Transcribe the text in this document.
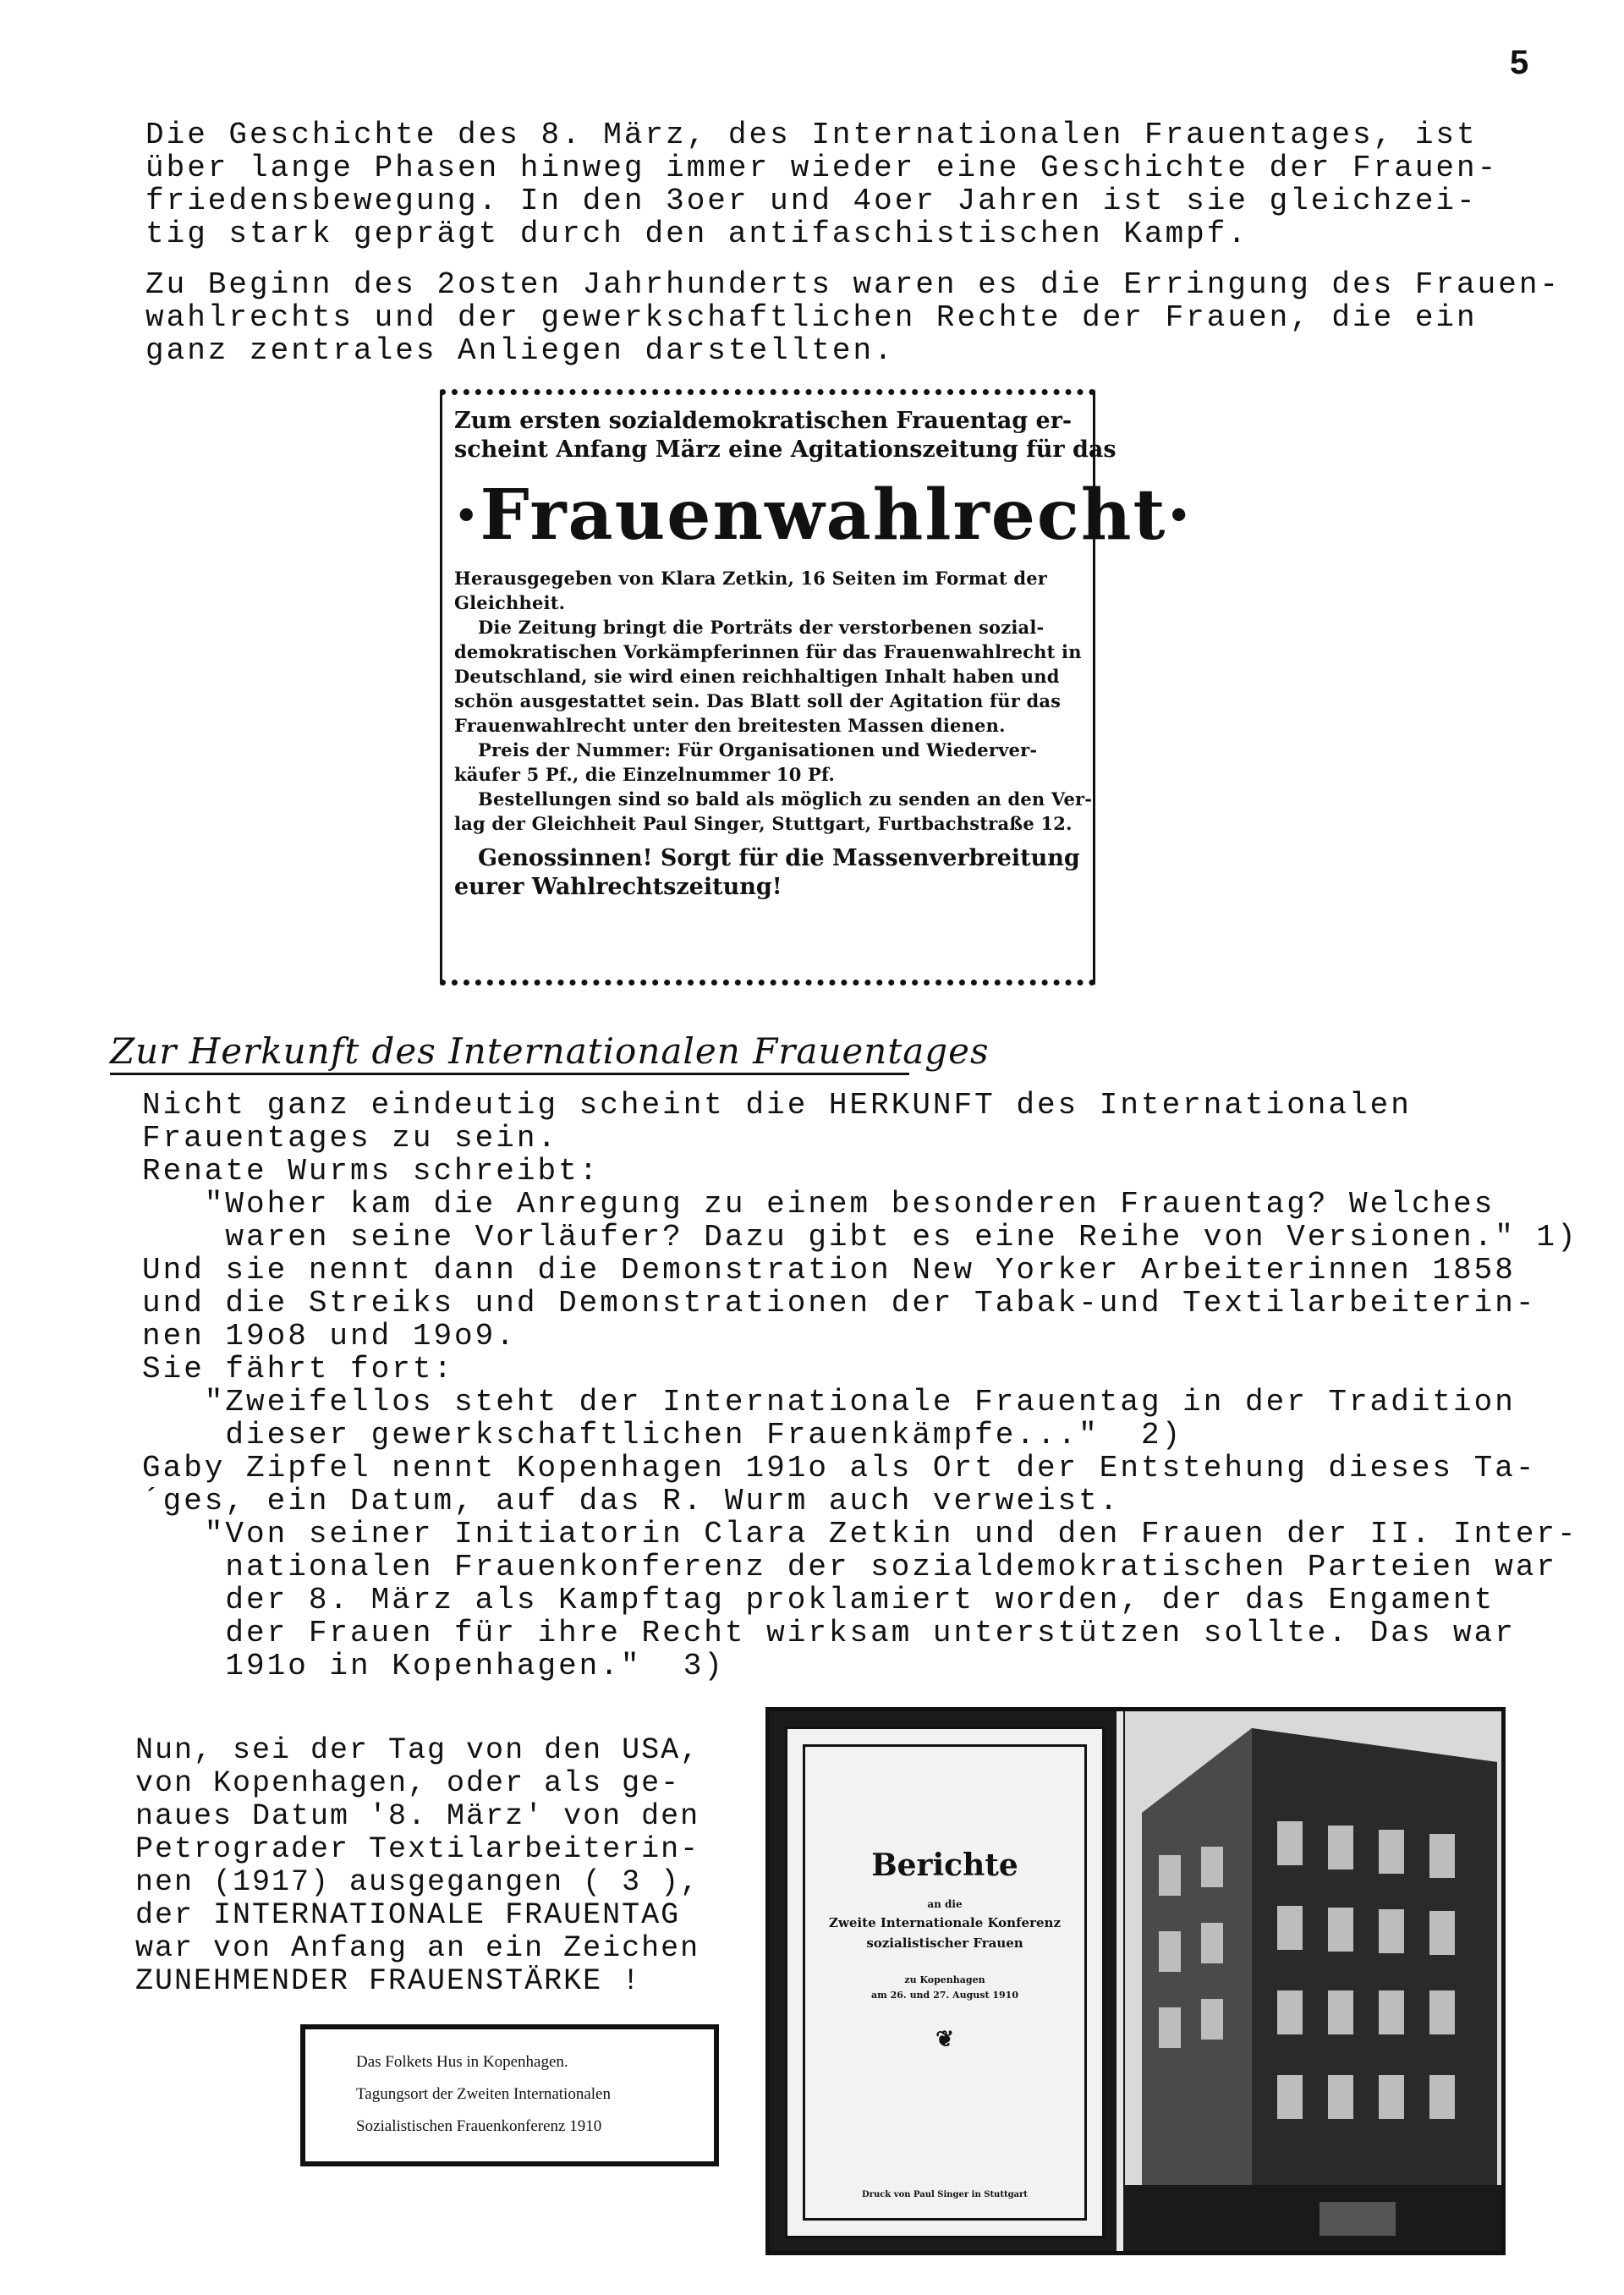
5

Die Geschichte des 8. März, des Internationalen Frauentages, ist

über lange Phasen hinweg immer wieder eine Geschichte der Frauen-

friedensbewegung. In den 3oer und 4oer Jahren ist sie gleichzei-

tig stark geprägt durch den antifaschistischen Kampf.

Zu Beginn des 2osten Jahrhunderts waren es die Erringung des Frauen-

wahlrechts und der gewerkschaftlichen Rechte der Frauen, die ein

ganz zentrales Anliegen darstellten.

Zum ersten sozialdemokratischen Frauentag er-
scheint Anfang März eine Agitationszeitung für das
·Frauenwahlrecht·
Herausgegeben von Klara Zetkin, 16 Seiten im Format der
Gleichheit.
Die Zeitung bringt die Porträts der verstorbenen sozial-
demokratischen Vorkämpferinnen für das Frauenwahlrecht in
Deutschland, sie wird einen reichhaltigen Inhalt haben und
schön ausgestattet sein. Das Blatt soll der Agitation für das
Frauenwahlrecht unter den breitesten Massen dienen.
Preis der Nummer: Für Organisationen und Wiederver-
käufer 5 Pf., die Einzelnummer 10 Pf.
Bestellungen sind so bald als möglich zu senden an den Ver-
lag der Gleichheit Paul Singer, Stuttgart, Furtbachstraße 12.
Genossinnen! Sorgt für die Massenverbreitung
eurer Wahlrechtszeitung!
Zur Herkunft des Internationalen Frauentages

Nicht ganz eindeutig scheint die HERKUNFT des Internationalen

Frauentages zu sein.

Renate Wurms schreibt:

"Woher kam die Anregung zu einem besonderen Frauentag? Welches

waren seine Vorläufer? Dazu gibt es eine Reihe von Versionen." 1)

Und sie nennt dann die Demonstration New Yorker Arbeiterinnen 1858

und die Streiks und Demonstrationen der Tabak-und Textilarbeiterin-

nen 19o8 und 19o9.

Sie fährt fort:

"Zweifellos steht der Internationale Frauentag in der Tradition

dieser gewerkschaftlichen Frauenkämpfe..."  2)

Gaby Zipfel nennt Kopenhagen 191o als Ort der Entstehung dieses Ta-

´ges, ein Datum, auf das R. Wurm auch verweist.

"Von seiner Initiatorin Clara Zetkin und den Frauen der II. Inter-

nationalen Frauenkonferenz der sozialdemokratischen Parteien war

der 8. März als Kampftag proklamiert worden, der das Engament

der Frauen für ihre Recht wirksam unterstützen sollte. Das war

191o in Kopenhagen."  3)

Nun, sei der Tag von den USA,

von Kopenhagen, oder als ge-

naues Datum '8. März' von den

Petrograder Textilarbeiterin-

nen (1917) ausgegangen ( 3 ),

der INTERNATIONALE FRAUENTAG

war von Anfang an ein Zeichen

ZUNEHMENDER FRAUENSTÄRKE !

Das Folkets Hus in Kopenhagen.
Tagungsort der Zweiten Internationalen
Sozialistischen Frauenkonferenz 1910
Berichte
an die
Zweite Internationale Konferenz
sozialistischer Frauen
zu Kopenhagen
am 26. und 27. August 1910
❦
Druck von Paul Singer in Stuttgart
